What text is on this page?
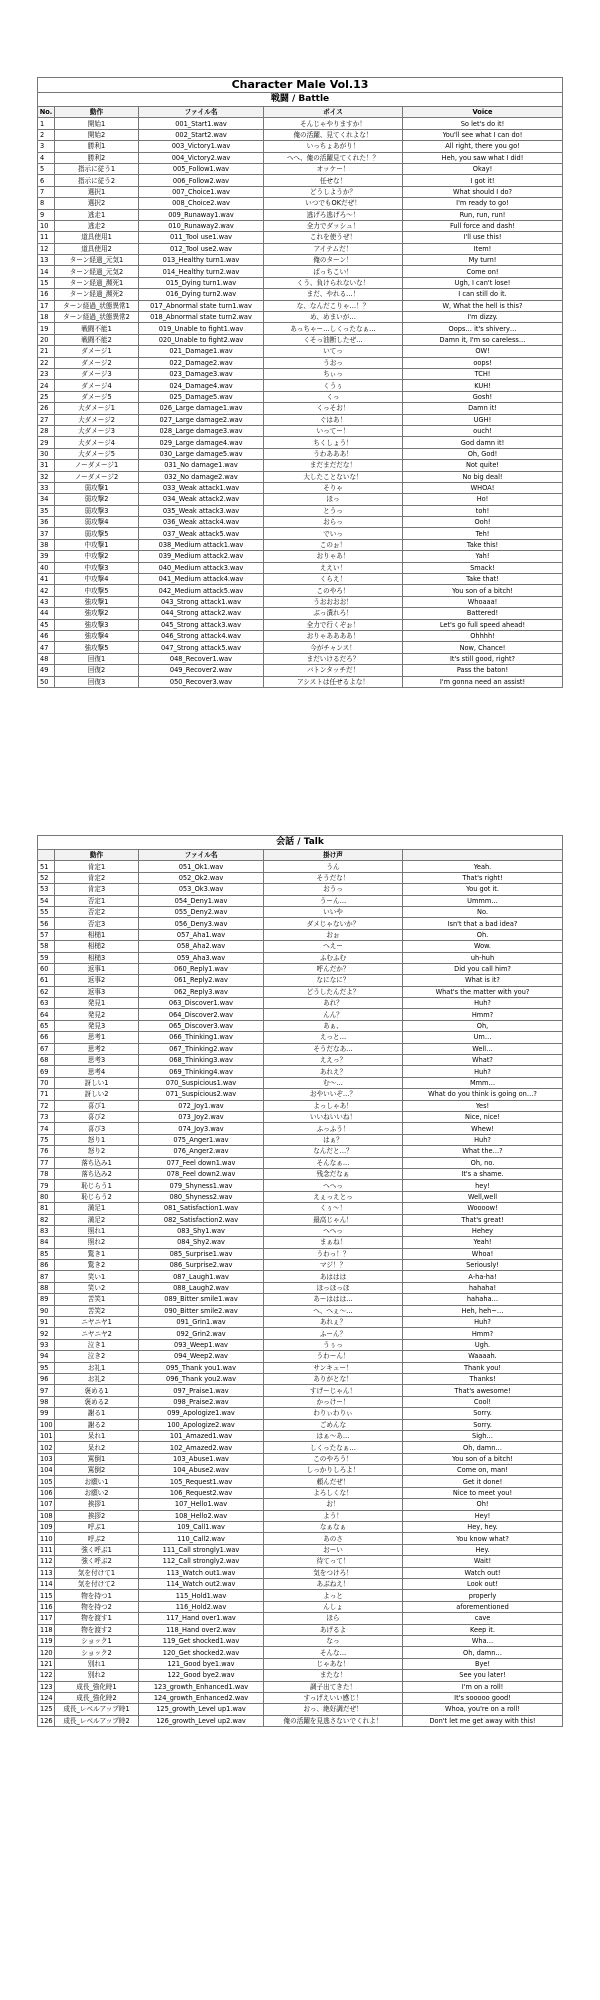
Character Male Vol.13				
戦闘 / Battle				
No.	動作	ファイル名	ボイス	Voice
1	開始1	001_Start1.wav	そんじゃやりますか！	So let's do it!
2	開始2	002_Start2.wav	俺の活躍、見てくれよな！	You'll see what I can do!
3	勝利1	003_Victory1.wav	いっちょあがり！	All right, there you go!
4	勝利2	004_Victory2.wav	へへ、俺の活躍見てくれた！？	Heh, you saw what I did!
5	指示に従う1	005_Follow1.wav	オッケー！	Okay!
6	指示に従う2	006_Follow2.wav	任せな！	I got it!
7	選択1	007_Choice1.wav	どうしようか？	What should I do?
8	選択2	008_Choice2.wav	いつでもOKだぜ！	I'm ready to go!
9	逃走1	009_Runaway1.wav	逃げろ逃げろ～！	Run, run, run!
10	逃走2	010_Runaway2.wav	全力でダッシュ！	Full force and dash!
11	道具使用1	011_Tool use1.wav	これを使うぜ！	I'll use this!
12	道具使用2	012_Tool use2.wav	アイテムだ！	Item!
13	ターン経過_元気1	013_Healthy turn1.wav	俺のターン！	My turn!
14	ターン経過_元気2	014_Healthy turn2.wav	ばっちこい！	Come on!
15	ターン経過_瀕死1	015_Dying turn1.wav	くう、負けられないな！	Ugh, I can't lose!
16	ターン経過_瀕死2	016_Dying turn2.wav	まだ、やれる…！	I can still do it.
17	ターン経過_状態異常1	017_Abnormal state turn1.wav	な、なんだこりゃ…！？	W, What the hell is this?
18	ターン経過_状態異常2	018_Abnormal state turn2.wav	め、めまいが…	I'm dizzy.
19	戦闘不能1	019_Unable to fight1.wav	あっちゃー…しくったなぁ…	Oops… it's shivery…
20	戦闘不能2	020_Unable to fight2.wav	くそっ油断したぜ…	Damn it, I'm so careless…
21	ダメージ1	021_Damage1.wav	いてっ	OW!
22	ダメージ2	022_Damage2.wav	うおっ	oops!
23	ダメージ3	023_Damage3.wav	ちぃっ	TCH!
24	ダメージ4	024_Damage4.wav	くうぅ	KUH!
25	ダメージ5	025_Damage5.wav	くっ	Gosh!
26	大ダメージ1	026_Large damage1.wav	くっそお！	Damn it!
27	大ダメージ2	027_Large damage2.wav	ぐはあ！	UGH!
28	大ダメージ3	028_Large damage3.wav	いってー！	ouch!
29	大ダメージ4	029_Large damage4.wav	ちくしょう！	God damn it!
30	大ダメージ5	030_Large damage5.wav	うわあああ！	Oh, God!
31	ノーダメージ1	031_No damage1.wav	まだまだだな！	Not quite!
32	ノーダメージ2	032_No damage2.wav	大したことないな！	No big deal!
33	弱攻撃1	033_Weak attack1.wav	そりゃ	WHOA!
34	弱攻撃2	034_Weak attack2.wav	ほっ	Ho!
35	弱攻撃3	035_Weak attack3.wav	とうっ	toh!
36	弱攻撃4	036_Weak attack4.wav	おらっ	Ooh!
37	弱攻撃5	037_Weak attack5.wav	でいっ	Teh!
38	中攻撃1	038_Medium attack1.wav	このぉ！	Take this!
39	中攻撃2	039_Medium attack2.wav	おりゃあ！	Yah!
40	中攻撃3	040_Medium attack3.wav	ええい！	Smack!
41	中攻撃4	041_Medium attack4.wav	くらえ！	Take that!
42	中攻撃5	042_Medium attack5.wav	このやろ！	You son of a bitch!
43	強攻撃1	043_Strong attack1.wav	うおおおお！	Whoaaa!
44	強攻撃2	044_Strong attack2.wav	ぶっ潰れろ！	Battered!
45	強攻撃3	045_Strong attack3.wav	全力で行くぞぉ！	Let's go full speed ahead!
46	強攻撃4	046_Strong attack4.wav	おりゃああああ！	Ohhhh!
47	強攻撃5	047_Strong attack5.wav	今がチャンス！	Now, Chance!
48	回復1	048_Recover1.wav	まだいけるだろ？	It's still good, right?
49	回復2	049_Recover2.wav	バトンタッチだ！	Pass the baton!
50	回復3	050_Recover3.wav	アシストは任せるよな！	I'm gonna need an assist!
会話 / Talk				
	動作	ファイル名	掛け声	
51	肯定1	051_Ok1.wav	うん	Yeah.
52	肯定2	052_Ok2.wav	そうだな！	That's right!
53	肯定3	053_Ok3.wav	おうっ	You got it.
54	否定1	054_Deny1.wav	うーん…	Ummm…
55	否定2	055_Deny2.wav	いいや	No.
56	否定3	056_Deny3.wav	ダメじゃないか？	Isn't that a bad idea?
57	相槌1	057_Aha1.wav	おぉ	Oh.
58	相槌2	058_Aha2.wav	へえー	Wow.
59	相槌3	059_Aha3.wav	ふむふむ	uh-huh
60	返事1	060_Reply1.wav	呼んだか？	Did you call him?
61	返事2	061_Reply2.wav	なになに？	What is it?
62	返事3	062_Reply3.wav	どうしたんだよ？	What's the matter with you?
63	発見1	063_Discover1.wav	あれ？	Huh?
64	発見2	064_Discover2.wav	んん？	Hmm?
65	発見3	065_Discover3.wav	あぁ、	Oh,
66	思考1	066_Thinking1.wav	えっと…	Um…
67	思考2	067_Thinking2.wav	そうだなあ…	Well…
68	思考3	068_Thinking3.wav	ええっ？	What?
69	思考4	069_Thinking4.wav	あれえ？	Huh?
70	訝しい1	070_Suspicious1.wav	む～…	Mmm…
71	訝しい2	071_Suspicious2.wav	おやいいぞ…？	What do you think is going on…?
72	喜び1	072_Joy1.wav	よっしゃあ！	Yes!
73	喜び2	073_Joy2.wav	いいねいいね！	Nice, nice!
74	喜び3	074_Joy3.wav	ふっふう！	Whew!
75	怒り1	075_Anger1.wav	はぁ？	Huh?
76	怒り2	076_Anger2.wav	なんだと…？	What the…?
77	落ち込み1	077_Feel down1.wav	そんなぁ…	Oh, no.
78	落ち込み2	078_Feel down2.wav	残念だなぁ	It's a shame.
79	恥じらう1	079_Shyness1.wav	へへっ	hey!
80	恥じらう2	080_Shyness2.wav	えぇっえとっ	Well,well
81	満足1	081_Satisfaction1.wav	くぅ～！	Woooow!
82	満足2	082_Satisfaction2.wav	最高じゃん！	That's great!
83	照れ1	083_Shy1.wav	へへっ	Hehey
84	照れ2	084_Shy2.wav	まぁね！	Yeah!
85	驚き1	085_Surprise1.wav	うわっ！？	Whoa!
86	驚き2	086_Surprise2.wav	マジ！？	Seriously!
87	笑い1	087_Laugh1.wav	あははは	A-ha-ha!
88	笑い2	088_Laugh2.wav	ほっほっほ	hahaha!
89	苦笑1	089_Bitter smile1.wav	あーははは…	hahaha…
90	苦笑2	090_Bitter smile2.wav	へ、へぇ～…	Heh, heh~…
91	ニヤニヤ1	091_Grin1.wav	あれぇ？	Huh?
92	ニヤニヤ2	092_Grin2.wav	ふーん？	Hmm?
93	泣き1	093_Weep1.wav	うぅっ	Ugh.
94	泣き2	094_Weep2.wav	うわーん！	Waaaah.
95	お礼1	095_Thank you1.wav	サンキュー！	Thank you!
96	お礼2	096_Thank you2.wav	ありがとな！	Thanks!
97	褒める1	097_Praise1.wav	すげーじゃん！	That's awesome!
98	褒める2	098_Praise2.wav	かっけー！	Cool!
99	謝る1	099_Apologize1.wav	わりぃわりぃ	Sorry.
100	謝る2	100_Apologize2.wav	ごめんな	Sorry.
101	呆れ1	101_Amazed1.wav	はぁ～あ…	Sigh…
102	呆れ2	102_Amazed2.wav	しくったなぁ…	Oh, damn…
103	罵倒1	103_Abuse1.wav	このやろう！	You son of a bitch!
104	罵倒2	104_Abuse2.wav	しっかりしろよ！	Come on, man!
105	お願い1	105_Request1.wav	頼んだぜ！	Get it done!
106	お願い2	106_Request2.wav	よろしくな！	Nice to meet you!
107	挨拶1	107_Hello1.wav	お！	Oh!
108	挨拶2	108_Hello2.wav	よう！	Hey!
109	呼ぶ1	109_Call1.wav	なぁなぁ	Hey, hey.
110	呼ぶ2	110_Call2.wav	あのさ	You know what?
111	強く呼ぶ1	111_Call strongly1.wav	おーい	Hey.
112	強く呼ぶ2	112_Call strongly2.wav	待てって！	Wait!
113	気を付けて1	113_Watch out1.wav	気をつけろ！	Watch out!
114	気を付けて2	114_Watch out2.wav	あぶねえ！	Look out!
115	物を持つ1	115_Hold1.wav	よっと	properly
116	物を持つ2	116_Hold2.wav	んしょ	aforementioned
117	物を渡す1	117_Hand over1.wav	ほら	cave
118	物を渡す2	118_Hand over2.wav	あげるよ	Keep it.
119	ショック1	119_Get shocked1.wav	なっ	Wha…
120	ショック2	120_Get shocked2.wav	そんな…	Oh, damn…
121	別れ1	121_Good bye1.wav	じゃあな！	Bye!
122	別れ2	122_Good bye2.wav	またな！	See you later!
123	成長_強化時1	123_growth_Enhanced1.wav	調子出てきた！	I'm on a roll!
124	成長_強化時2	124_growth_Enhanced2.wav	すっげえいい感じ！	It's sooooo good!
125	成長_レベルアップ時1	125_growth_Level up1.wav	おっ、絶好調だぜ！	Whoa, you're on a roll!
126	成長_レベルアップ時2	126_growth_Level up2.wav	俺の活躍を見逃さないでくれよ！	Don't let me get away with this!
